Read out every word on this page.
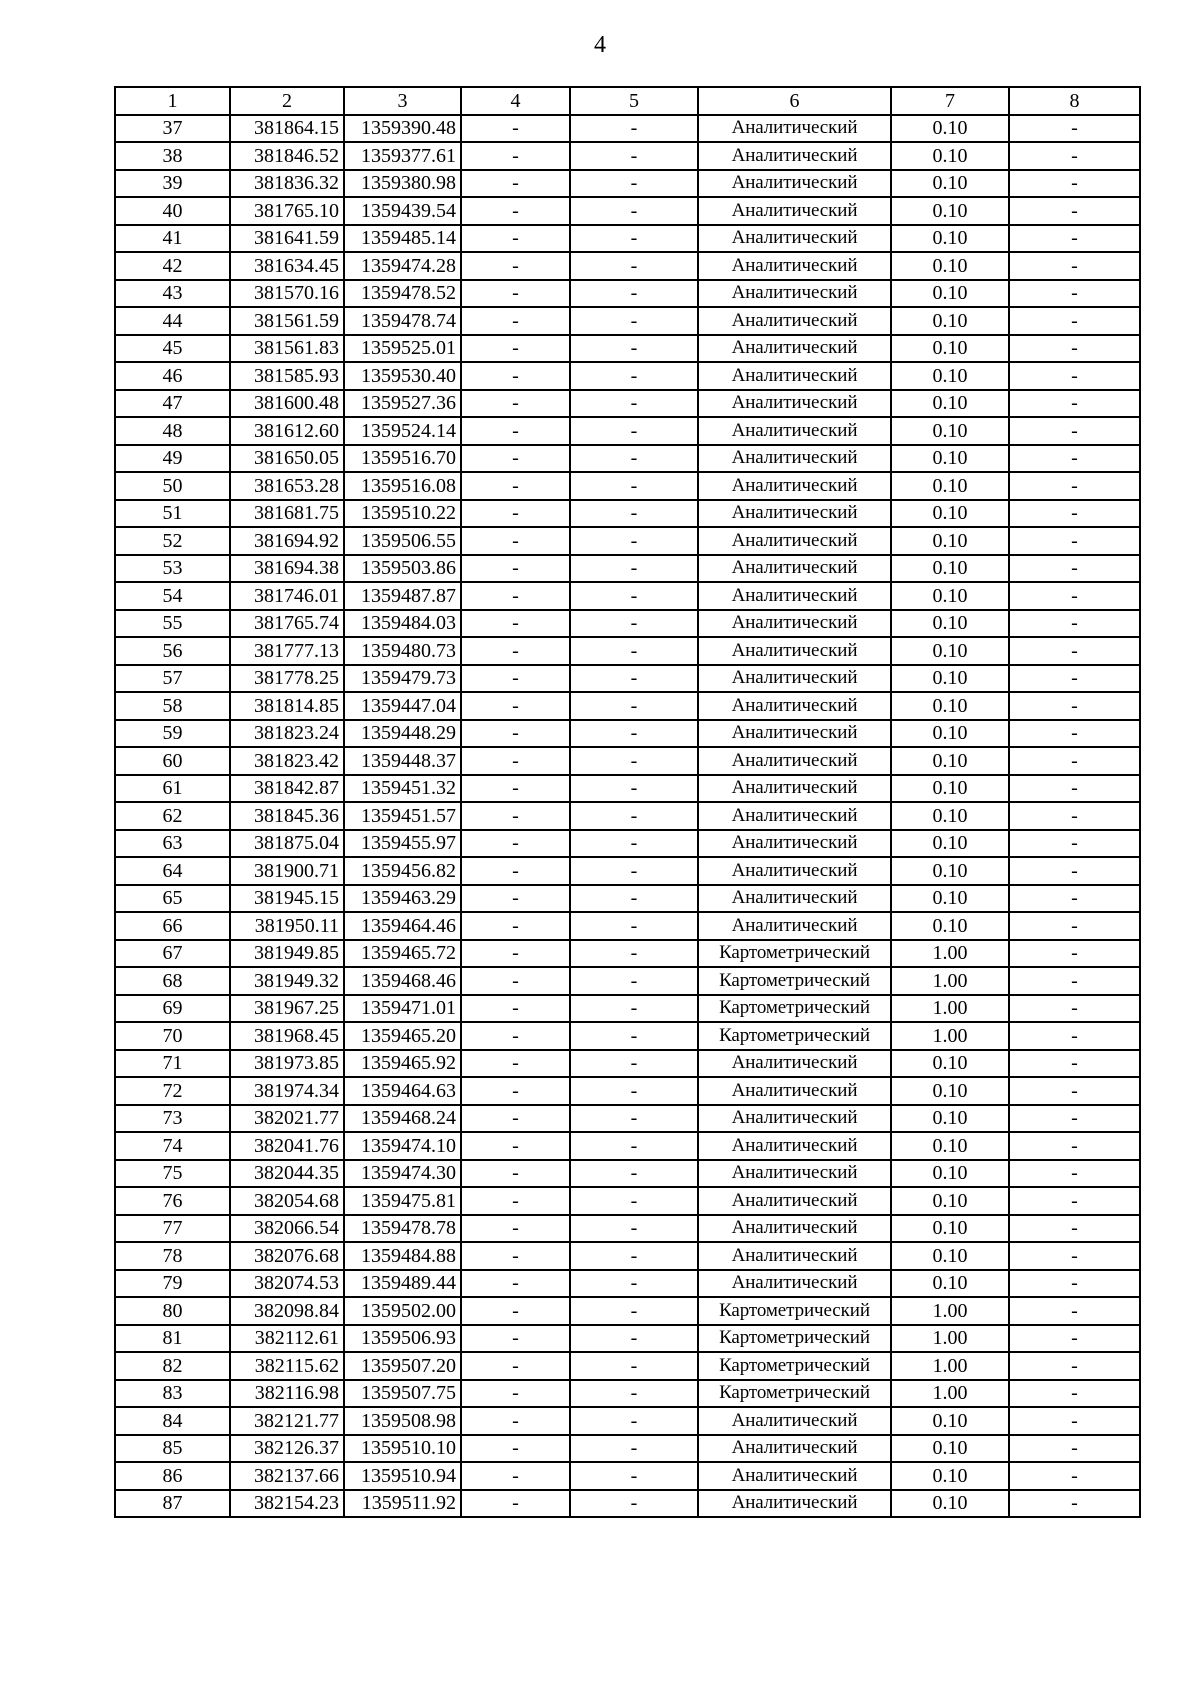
4
1	2	3	4	5	6	7	8
37	381864.15	1359390.48	-	-	Аналитический	0.10	-
38	381846.52	1359377.61	-	-	Аналитический	0.10	-
39	381836.32	1359380.98	-	-	Аналитический	0.10	-
40	381765.10	1359439.54	-	-	Аналитический	0.10	-
41	381641.59	1359485.14	-	-	Аналитический	0.10	-
42	381634.45	1359474.28	-	-	Аналитический	0.10	-
43	381570.16	1359478.52	-	-	Аналитический	0.10	-
44	381561.59	1359478.74	-	-	Аналитический	0.10	-
45	381561.83	1359525.01	-	-	Аналитический	0.10	-
46	381585.93	1359530.40	-	-	Аналитический	0.10	-
47	381600.48	1359527.36	-	-	Аналитический	0.10	-
48	381612.60	1359524.14	-	-	Аналитический	0.10	-
49	381650.05	1359516.70	-	-	Аналитический	0.10	-
50	381653.28	1359516.08	-	-	Аналитический	0.10	-
51	381681.75	1359510.22	-	-	Аналитический	0.10	-
52	381694.92	1359506.55	-	-	Аналитический	0.10	-
53	381694.38	1359503.86	-	-	Аналитический	0.10	-
54	381746.01	1359487.87	-	-	Аналитический	0.10	-
55	381765.74	1359484.03	-	-	Аналитический	0.10	-
56	381777.13	1359480.73	-	-	Аналитический	0.10	-
57	381778.25	1359479.73	-	-	Аналитический	0.10	-
58	381814.85	1359447.04	-	-	Аналитический	0.10	-
59	381823.24	1359448.29	-	-	Аналитический	0.10	-
60	381823.42	1359448.37	-	-	Аналитический	0.10	-
61	381842.87	1359451.32	-	-	Аналитический	0.10	-
62	381845.36	1359451.57	-	-	Аналитический	0.10	-
63	381875.04	1359455.97	-	-	Аналитический	0.10	-
64	381900.71	1359456.82	-	-	Аналитический	0.10	-
65	381945.15	1359463.29	-	-	Аналитический	0.10	-
66	381950.11	1359464.46	-	-	Аналитический	0.10	-
67	381949.85	1359465.72	-	-	Картометрический	1.00	-
68	381949.32	1359468.46	-	-	Картометрический	1.00	-
69	381967.25	1359471.01	-	-	Картометрический	1.00	-
70	381968.45	1359465.20	-	-	Картометрический	1.00	-
71	381973.85	1359465.92	-	-	Аналитический	0.10	-
72	381974.34	1359464.63	-	-	Аналитический	0.10	-
73	382021.77	1359468.24	-	-	Аналитический	0.10	-
74	382041.76	1359474.10	-	-	Аналитический	0.10	-
75	382044.35	1359474.30	-	-	Аналитический	0.10	-
76	382054.68	1359475.81	-	-	Аналитический	0.10	-
77	382066.54	1359478.78	-	-	Аналитический	0.10	-
78	382076.68	1359484.88	-	-	Аналитический	0.10	-
79	382074.53	1359489.44	-	-	Аналитический	0.10	-
80	382098.84	1359502.00	-	-	Картометрический	1.00	-
81	382112.61	1359506.93	-	-	Картометрический	1.00	-
82	382115.62	1359507.20	-	-	Картометрический	1.00	-
83	382116.98	1359507.75	-	-	Картометрический	1.00	-
84	382121.77	1359508.98	-	-	Аналитический	0.10	-
85	382126.37	1359510.10	-	-	Аналитический	0.10	-
86	382137.66	1359510.94	-	-	Аналитический	0.10	-
87	382154.23	1359511.92	-	-	Аналитический	0.10	-
